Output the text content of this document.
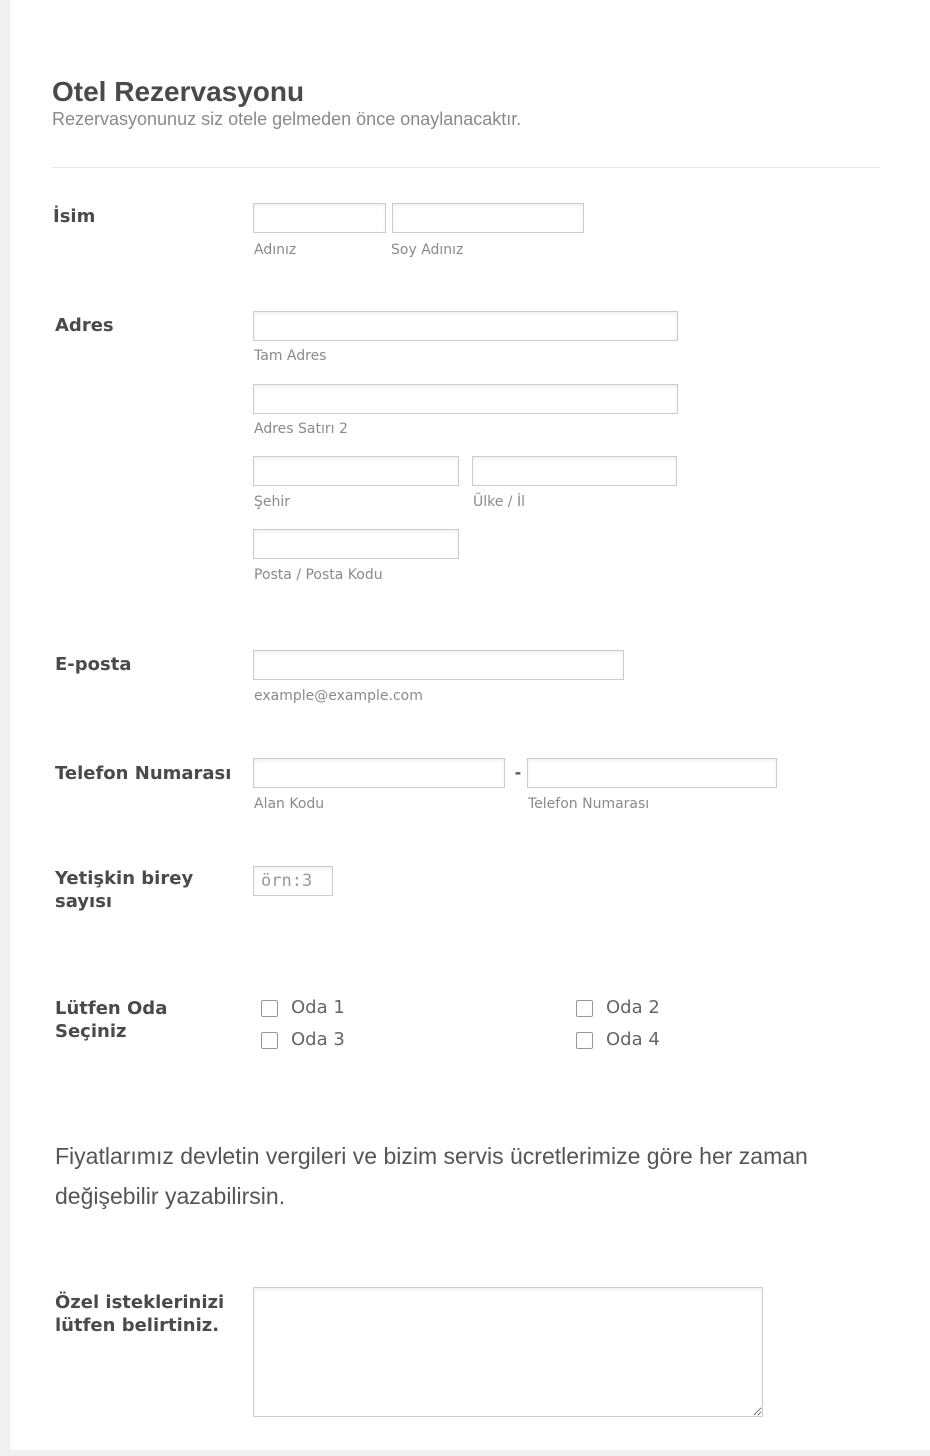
Otel Rezervasyonu
Rezervasyonunuz siz otele gelmeden önce onaylanacaktır.
İsim
Adınız	Soy Adınız
Adres
Tam Adres
Adres Satırı 2
Şehir	Ülke / İl
Posta / Posta Kodu
E-posta
example@example.com
Telefon Numarası	-
Alan Kodu	Telefon Numarası
Yetişkin birey sayısı
örn:3
Lütfen Oda Seçiniz
Oda 1	Oda 2
Oda 3	Oda 4
Fiyatlarımız devletin vergileri ve bizim servis ücretlerimize göre her zaman değişebilir yazabilirsin.
Özel isteklerinizi lütfen belirtiniz.
